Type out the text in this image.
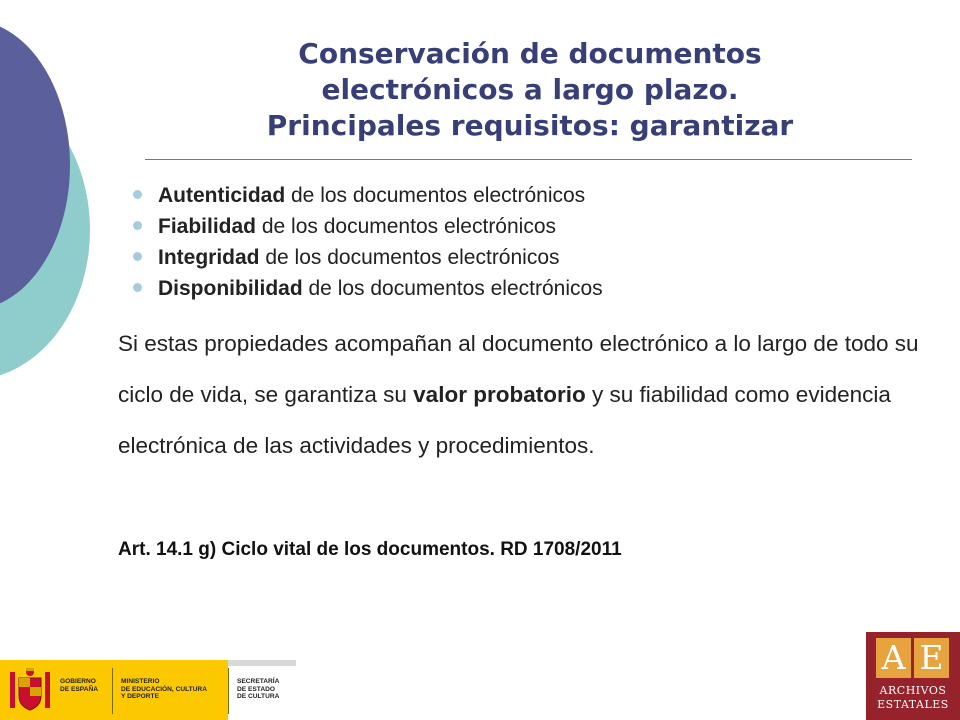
Conservación de documentos
electrónicos a largo plazo.
Principales requisitos: garantizar
Autenticidad de los documentos electrónicos
Fiabilidad de los documentos electrónicos
Integridad de los documentos electrónicos
Disponibilidad de los documentos electrónicos

Si estas propiedades acompañan al documento electrónico a lo largo de todo su ciclo de vida, se garantiza su valor probatorio y su fiabilidad como evidencia electrónica de las actividades y procedimientos.

Art. 14.1 g) Ciclo vital de los documentos. RD 1708/2011

GOBIERNO
DE ESPAÑA
MINISTERIO
DE EDUCACIÓN, CULTURA
Y DEPORTE
SECRETARÍA
DE ESTADO
DE CULTURA
A E
ARCHIVOS
ESTATALES
